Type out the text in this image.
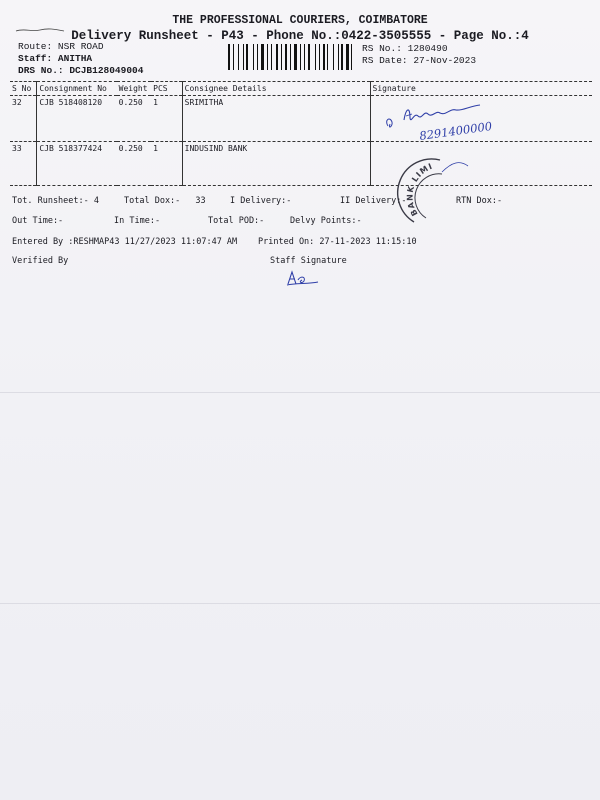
THE PROFESSIONAL COURIERS, COIMBATORE
Delivery Runsheet - P43 - Phone No.:0422-3505555 - Page No.:4
Route: NSR ROAD
Staff: ANITHA
DRS No.: DCJB128049004
RS No.: 1280490
RS Date: 27-Nov-2023
S No	Consignment No	Weight	PCS	Consignee Details	Signature
32	CJB 518408120	0.250	1	SRIMITHA	
33	CJB 518377424	0.250	1	INDUSIND BANK	
8291400000
BANK LIMITE
Tot. Runsheet:- 4	Total Dox:- 33	I Delivery:-	II Delivery:-	RTN Dox:-
Out Time:-	In Time:-	Total POD:-	Delvy Points:-
Entered By :RESHMAP43 11/27/2023 11:07:47 AM Printed On: 27-11-2023 11:15:10
Verified By	Staff Signature
